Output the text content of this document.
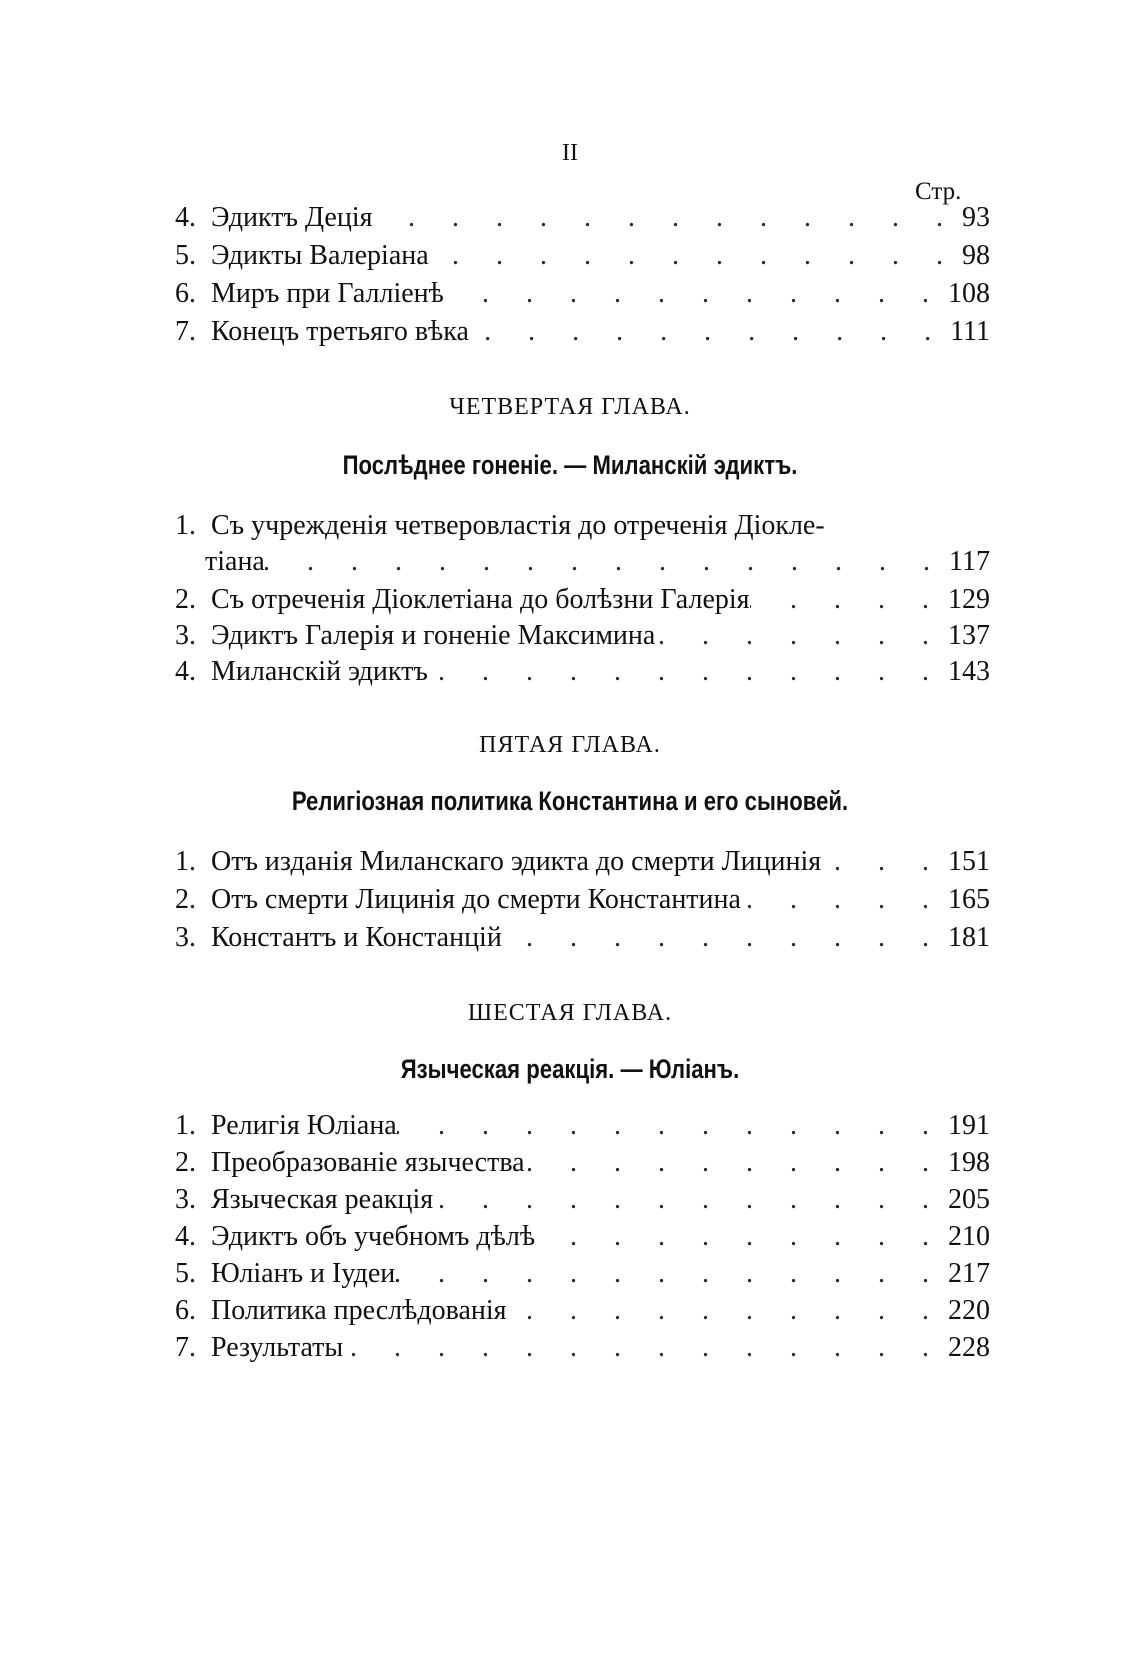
II
Стр.
4. Эдиктъ Деція . . .	93
5. Эдикты Валеріана . . .	98
6. Миръ при Галліенѣ . . .	108
7. Конецъ третьяго вѣка . . .	111
ЧЕТВЕРТАЯ ГЛАВА.
Послѣднее гоненіе. — Миланскій эдиктъ.
1. Съ учрежденія четверовластія до отреченія Діокле-
тіана . . .	117
2. Съ отреченія Діоклетіана до болѣзни Галерія . . .	129
3. Эдиктъ Галерія и гоненіе Максимина . . .	137
4. Миланскій эдиктъ . . .	143
ПЯТАЯ ГЛАВА.
Религіозная политика Константина и его сыновей.
1. Отъ изданія Миланскаго эдикта до смерти Лицинія . . .	151
2. Отъ смерти Лицинія до смерти Константина . . .	165
3. Константъ и Констанцій . . .	181
ШЕСТАЯ ГЛАВА.
Языческая реакція. — Юліанъ.
1. Религія Юліана . . .	191
2. Преобразованіе язычества . . .	198
3. Языческая реакція . . .	205
4. Эдиктъ объ учебномъ дѣлѣ . . .	210
5. Юліанъ и Іудеи . . .	217
6. Политика преслѣдованія . . .	220
7. Результаты . . .	228
